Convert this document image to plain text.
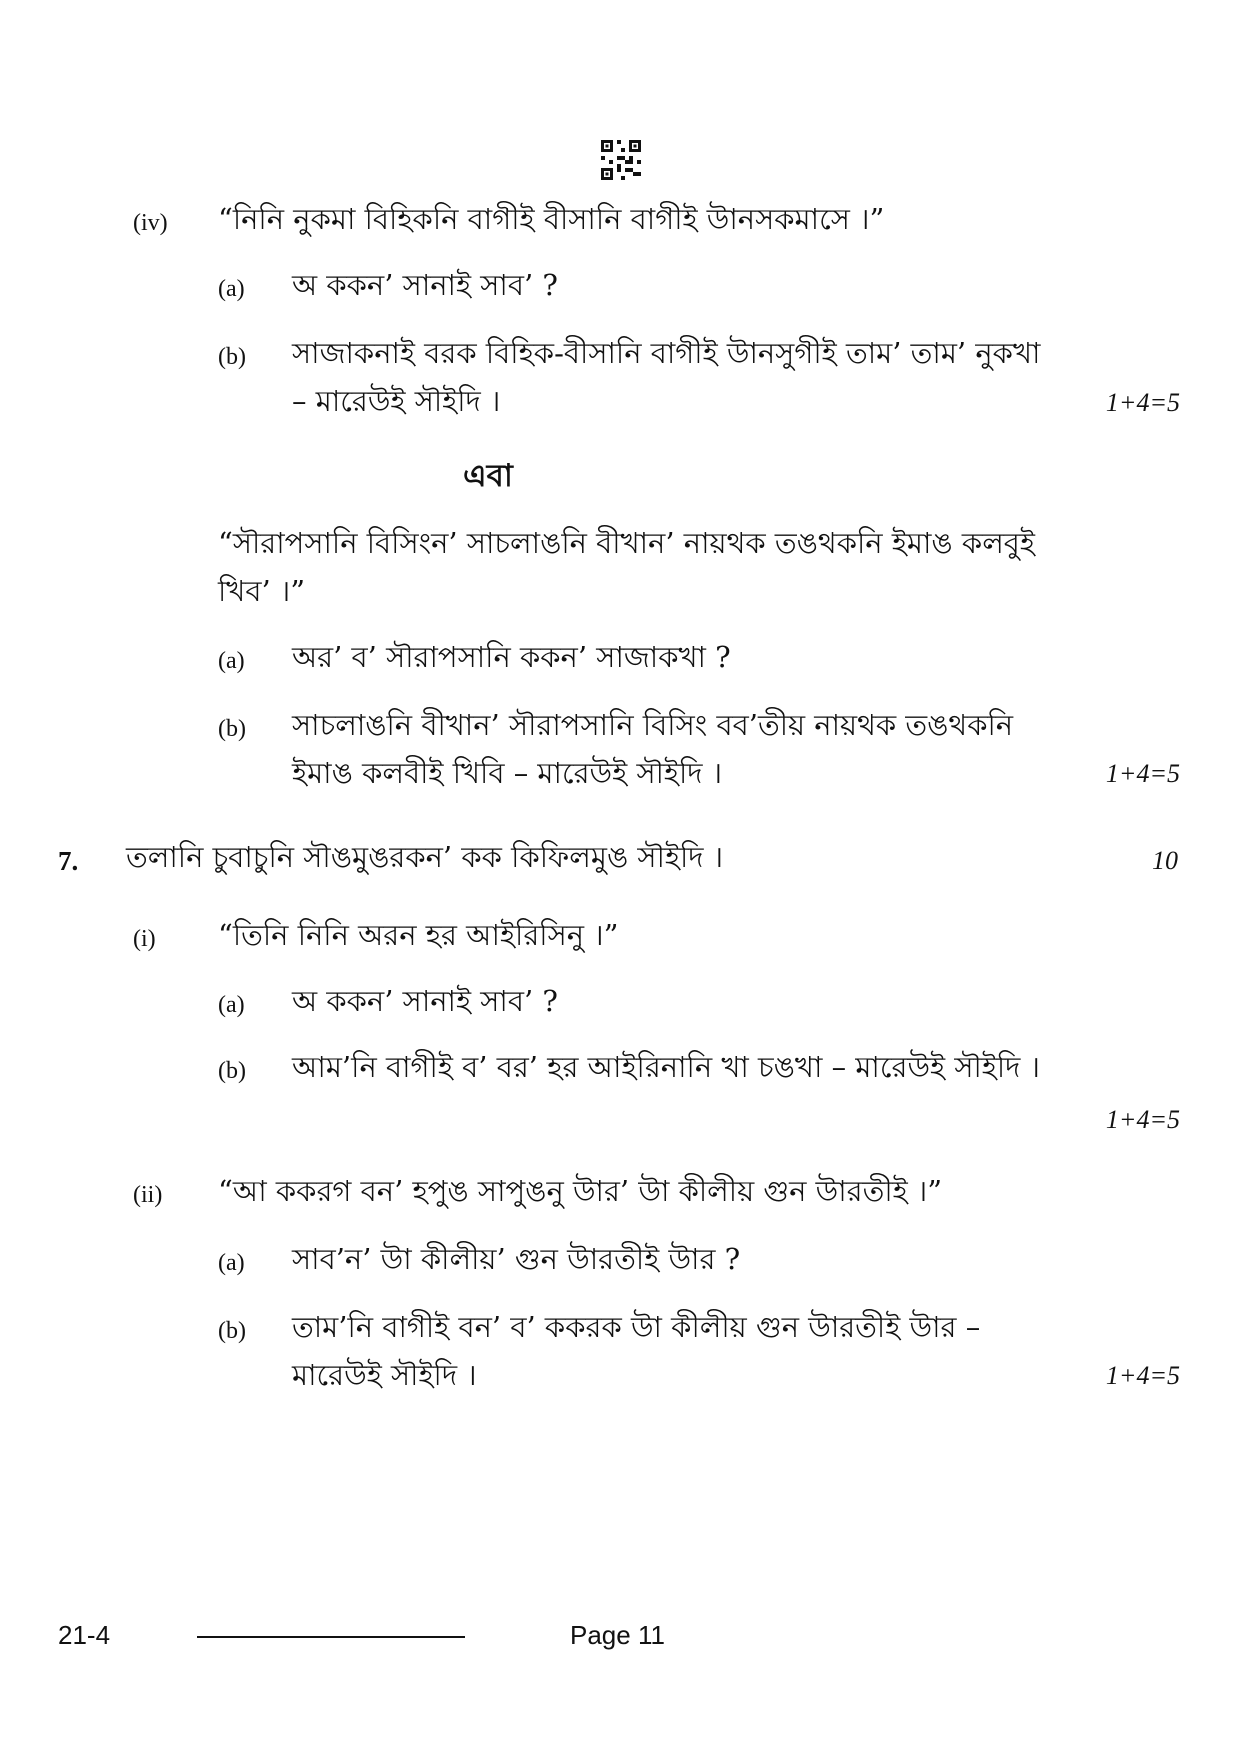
(iv) “নিনি নুকমা বিহিকনি বাগীই বীসানি বাগীই উানসকমাসে ।”
(a) অ ককন’ সানাই সাব’ ?
(b) সাজাকনাই বরক বিহিক-বীসানি বাগীই উানসুগীই তাম’ তাম’ নুকখা
– মারেউই সৗইদি ।	1+4=5
এবা
“সৗরাপসানি বিসিংন’ সাচলাঙনি বীখান’ নায়থক তঙথকনি ইমাঙ কলবুই
খিব’ ।”
(a) অর’ ব’ সৗরাপসানি ককন’ সাজাকখা ?
(b) সাচলাঙনি বীখান’ সৗরাপসানি বিসিং বব’তীয় নায়থক তঙথকনি
ইমাঙ কলবীই খিবি – মারেউই সৗইদি ।	1+4=5
7. তলানি চুবাচুনি সৗঙমুঙরকন’ কক কিফিলমুঙ সৗইদি ।	10
(i) “তিনি নিনি অরন হর আইরিসিনু ।”
(a) অ ককন’ সানাই সাব’ ?
(b) আম’নি বাগীই ব’ বর’ হর আইরিনানি খা চঙখা – মারেউই সৗইদি ।
1+4=5
(ii) “আ ককরগ বন’ হপুঙ সাপুঙনু উার’ উা কীলীয় গুন উারতীই ।”
(a) সাব’ন’ উা কীলীয়’ গুন উারতীই উার ?
(b) তাম’নি বাগীই বন’ ব’ ককরক উা কীলীয় গুন উারতীই উার –
মারেউই সৗইদি ।	1+4=5
21-4	Page 11
